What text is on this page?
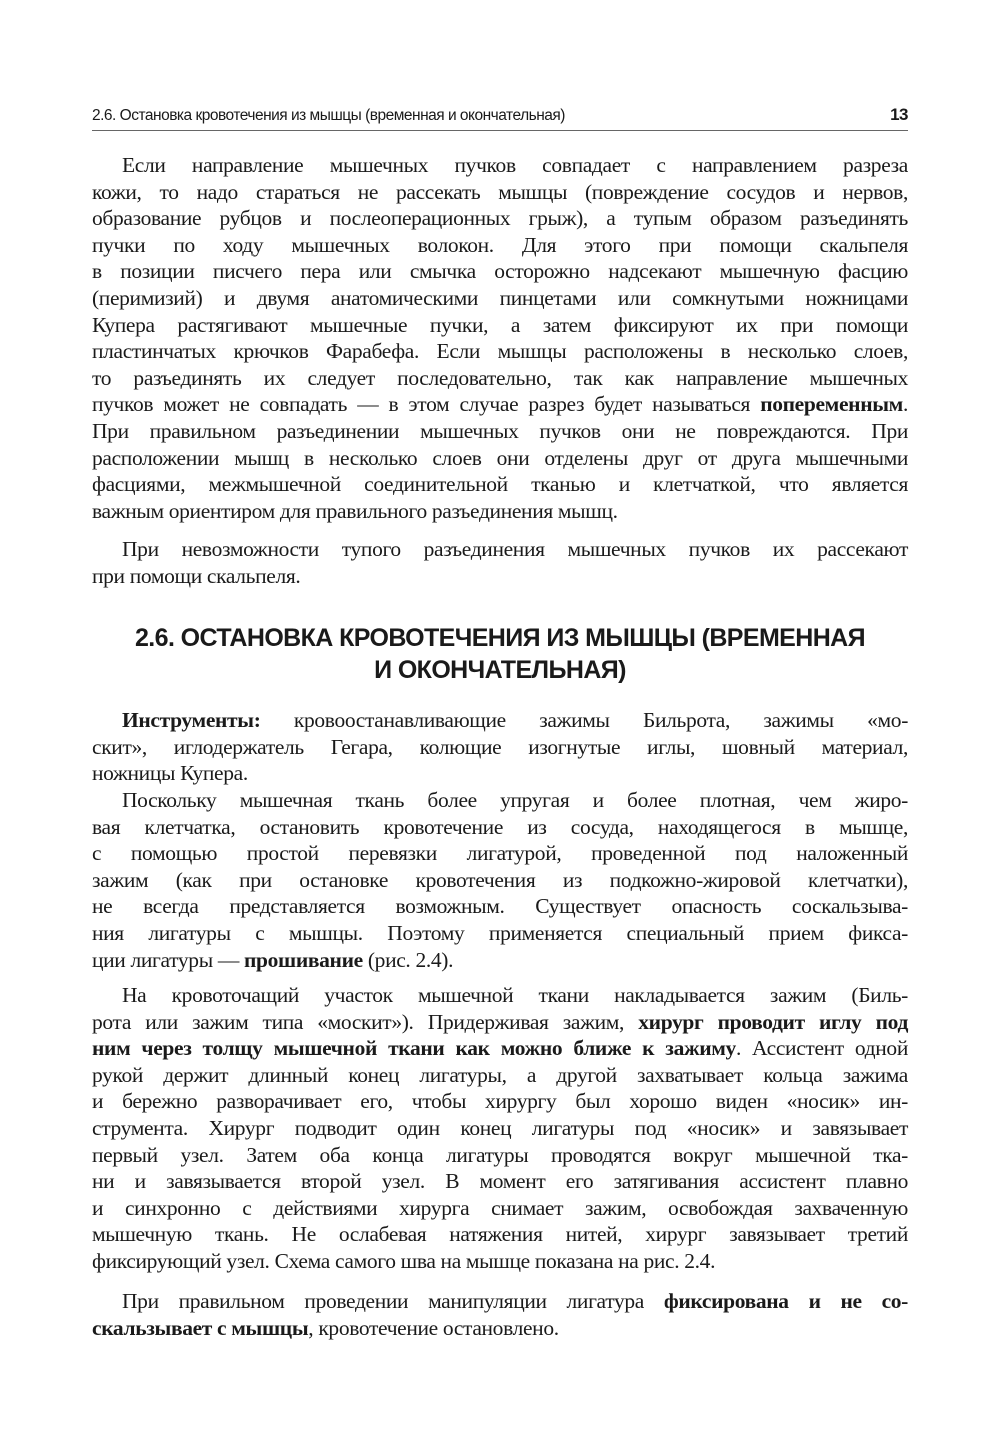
2.6. Остановка кровотечения из мышцы (временная и окончательная)	13
Если направление мышечных пучков совпадает с направлением разреза
кожи, то надо стараться не рассекать мышцы (повреждение сосудов и нервов,
образование рубцов и послеоперационных грыж), а тупым образом разъединять
пучки по ходу мышечных волокон. Для этого при помощи скальпеля
в позиции писчего пера или смычка осторожно надсекают мышечную фасцию
(перимизий) и двумя анатомическими пинцетами или сомкнутыми ножницами
Купера растягивают мышечные пучки, а затем фиксируют их при помощи
пластинчатых крючков Фарабефа. Если мышцы расположены в несколько слоев,
то разъединять их следует последовательно, так как направление мышечных
пучков может не совпадать — в этом случае разрез будет называться попеременным.
При правильном разъединении мышечных пучков они не повреждаются. При
расположении мышц в несколько слоев они отделены друг от друга мышечными
фасциями, межмышечной соединительной тканью и клетчаткой, что является
важным ориентиром для правильного разъединения мышц.
При невозможности тупого разъединения мышечных пучков их рассекают
при помощи скальпеля.
2.6. ОСТАНОВКА КРОВОТЕЧЕНИЯ ИЗ МЫШЦЫ (ВРЕМЕННАЯ
И ОКОНЧАТЕЛЬНАЯ)
Инструменты: кровоостанавливающие зажимы Бильрота, зажимы «мо-
скит», иглодержатель Гегара, колющие изогнутые иглы, шовный материал,
ножницы Купера.
Поскольку мышечная ткань более упругая и более плотная, чем жиро-
вая клетчатка, остановить кровотечение из сосуда, находящегося в мышце,
с помощью простой перевязки лигатурой, проведенной под наложенный
зажим (как при остановке кровотечения из подкожно-жировой клетчатки),
не всегда представляется возможным. Существует опасность соскальзыва-
ния лигатуры с мышцы. Поэтому применяется специальный прием фикса-
ции лигатуры — прошивание (рис. 2.4).
На кровоточащий участок мышечной ткани накладывается зажим (Биль-
рота или зажим типа «москит»). Придерживая зажим, хирург проводит иглу под
ним через толщу мышечной ткани как можно ближе к зажиму. Ассистент одной
рукой держит длинный конец лигатуры, а другой захватывает кольца зажима
и бережно разворачивает его, чтобы хирургу был хорошо виден «носик» ин-
струмента. Хирург подводит один конец лигатуры под «носик» и завязывает
первый узел. Затем оба конца лигатуры проводятся вокруг мышечной тка-
ни и завязывается второй узел. В момент его затягивания ассистент плавно
и синхронно с действиями хирурга снимает зажим, освобождая захваченную
мышечную ткань. Не ослабевая натяжения нитей, хирург завязывает третий
фиксирующий узел. Схема самого шва на мышце показана на рис. 2.4.
При правильном проведении манипуляции лигатура фиксирована и не со-
скальзывает с мышцы, кровотечение остановлено.
